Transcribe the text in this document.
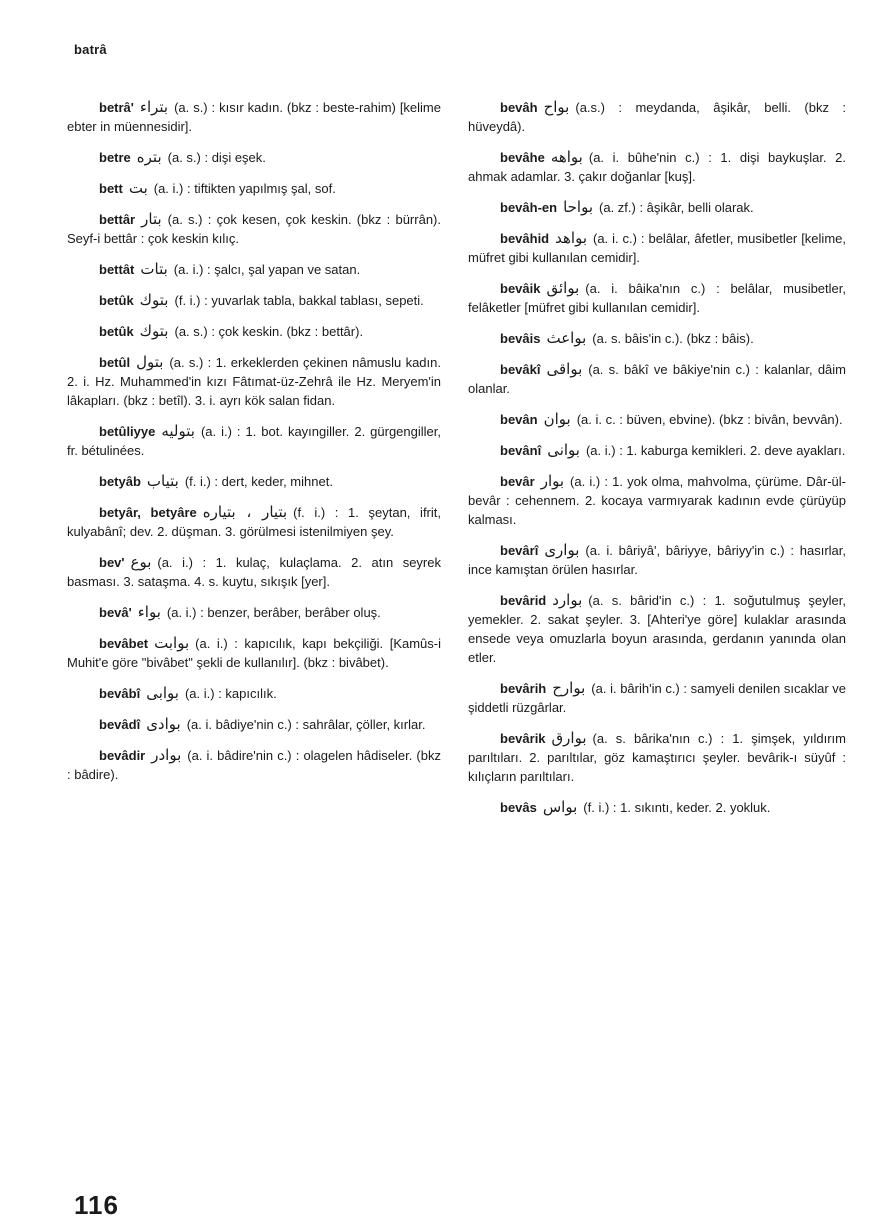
batrâ

betrâ' بتراء (a. s.) : kısır kadın. (bkz : beste-rahim) [kelime ebter in müennesidir].

betre بتره (a. s.) : dişi eşek.

bett بت (a. i.) : tiftikten yapılmış şal, sof.

bettâr بتار (a. s.) : çok kesen, çok keskin. (bkz : bürrân). Seyf-i bettâr : çok keskin kılıç.

bettât بتات (a. i.) : şalcı, şal yapan ve satan.

betûk بتوك (f. i.) : yuvarlak tabla, bakkal tablası, sepeti.

betûk بتوك (a. s.) : çok keskin. (bkz : bettâr).

betûl بتول (a. s.) : 1. erkeklerden çekinen nâmuslu kadın. 2. i. Hz. Muhammed'in kızı Fâtımat-üz-Zehrâ ile Hz. Meryem'in lâkapları. (bkz : betîl). 3. i. ayrı kök salan fidan.

betûliyye بتوليه (a. i.) : 1. bot. kayıngiller. 2. gürgengiller, fr. bétulinées.

betyâb بتياب (f. i.) : dert, keder, mihnet.

betyâr, betyâre بتيار ، بتياره (f. i.) : 1. şeytan, ifrit, kulyabânî; dev. 2. düşman. 3. görülmesi istenilmiyen şey.

bev' بوع (a. i.) : 1. kulaç, kulaçlama. 2. atın seyrek basması. 3. sataşma. 4. s. kuytu, sıkışık [yer].

bevâ' بواء (a. i.) : benzer, berâber, berâber oluş.

bevâbet بوابت (a. i.) : kapıcılık, kapı bekçiliği. [Kamûs-i Muhit'e göre "bivâbet" şekli de kullanılır]. (bkz : bivâbet).

bevâbî بوابى (a. i.) : kapıcılık.

bevâdî بوادى (a. i. bâdiye'nin c.) : sahrâlar, çöller, kırlar.

bevâdir بوادر (a. i. bâdire'nin c.) : olagelen hâdiseler. (bkz : bâdire).

bevâh بواح (a.s.) : meydanda, âşikâr, belli. (bkz : hüveydâ).

bevâhe بواهه (a. i. bûhe'nin c.) : 1. dişi baykuşlar. 2. ahmak adamlar. 3. çakır doğanlar [kuş].

bevâh-en بواحا (a. zf.) : âşikâr, belli olarak.

bevâhid بواهد (a. i. c.) : belâlar, âfetler, musibetler [kelime, müfret gibi kullanılan cemidir].

bevâik بوائق (a. i. bâika'nın c.) : belâlar, musibetler, felâketler [müfret gibi kullanılan cemidir].

bevâis بواعث (a. s. bâis'in c.). (bkz : bâis).

bevâkî بواقى (a. s. bâkî ve bâkiye'nin c.) : kalanlar, dâim olanlar.

bevân بوان (a. i. c. : büven, ebvine). (bkz : bivân, bevvân).

bevânî بوانى (a. i.) : 1. kaburga kemikleri. 2. deve ayakları.

bevâr بوار (a. i.) : 1. yok olma, mahvolma, çürüme. Dâr-ül-bevâr : cehennem. 2. kocaya varmıyarak kadının evde çürüyüp kalması.

bevârî بوارى (a. i. bâriyâ', bâriyye, bâriyy'in c.) : hasırlar, ince kamıştan örülen hasırlar.

bevârid بوارد (a. s. bârid'in c.) : 1. soğutulmuş şeyler, yemekler. 2. sakat şeyler. 3. [Ahteri'ye göre] kulaklar arasında ensede veya omuzlarla boyun arasında, gerdanın yanında olan etler.

bevârih بوارح (a. i. bârih'in c.) : samyeli denilen sıcaklar ve şiddetli rüzgârlar.

bevârik بوارق (a. s. bârika'nın c.) : 1. şimşek, yıldırım parıltıları. 2. parıltılar, göz kamaştırıcı şeyler. bevârik-ı süyûf : kılıçların parıltıları.

bevâs بواس (f. i.) : 1. sıkıntı, keder. 2. yokluk.

116
